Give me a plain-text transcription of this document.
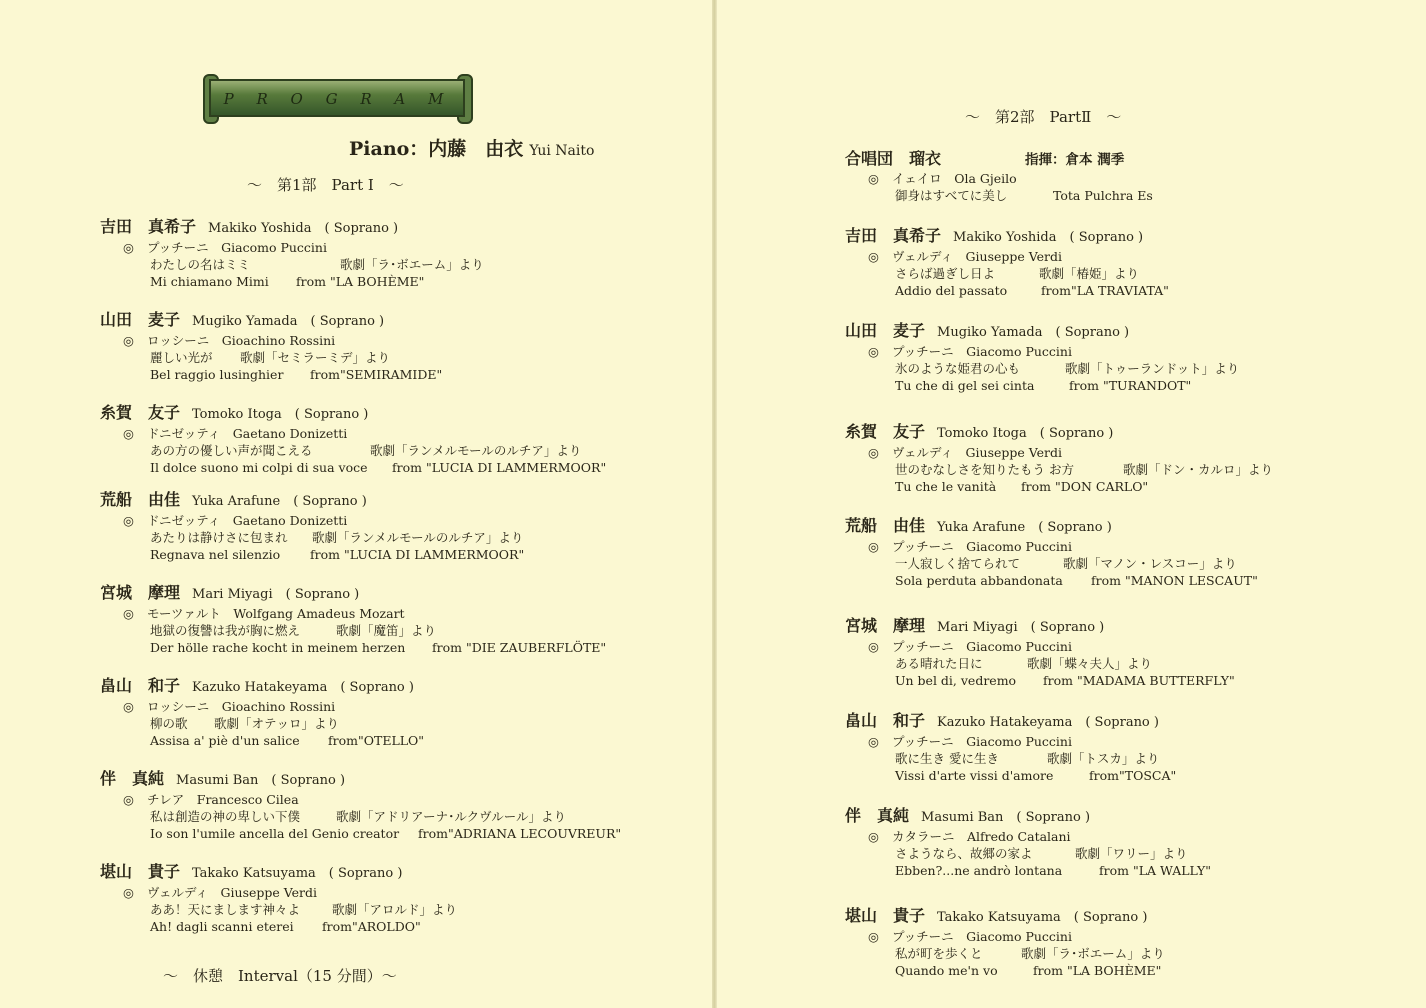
P R O G R A M
Piano：内藤　由衣 Yui Naito
〜　第1部　Part I　〜
〜　第2部　PartⅡ　〜
吉田　真希子 Makiko Yoshida　( Soprano )
◎ プッチーニ　 Giacomo Puccini
わたしの名はミミ	歌劇「ラ･ボエーム」より
Mi chiamano Mimi from "LA BOHÈME"
山田　麦子 Mugiko Yamada　( Soprano )
◎ ロッシーニ　 Gioachino Rossini
麗しい光が 歌劇「セミラーミデ」より
Bel raggio lusinghier from"SEMIRAMIDE"
糸賀　友子 Tomoko Itoga　( Soprano )
◎ ドニゼッティ　 Gaetano Donizetti
あの方の優しい声が聞こえる	歌劇「ランメルモールのルチア」より
Il dolce suono mi colpi di sua voce from "LUCIA DI LAMMERMOOR"
荒船　由佳 Yuka Arafune　( Soprano )
◎ ドニゼッティ　 Gaetano Donizetti
あたりは静けさに包まれ 歌劇「ランメルモールのルチア」より
Regnava nel silenzio from "LUCIA DI LAMMERMOOR"
宮城　摩理 Mari Miyagi　( Soprano )
◎ モーツァルト　 Wolfgang Amadeus Mozart
地獄の復讐は我が胸に燃え	歌劇「魔笛」より
Der hölle rache kocht in meinem herzen from "DIE ZAUBERFLÖTE"
畠山　和子 Kazuko Hatakeyama　( Soprano )
◎ ロッシーニ　 Gioachino Rossini
柳の歌 歌劇「オテッロ」より
Assisa a' piè d'un salice from"OTELLO"
伴　真純 Masumi Ban　( Soprano )
◎ チレア　 Francesco Cilea
私は創造の神の卑しい下僕	歌劇「アドリアーナ･ルクヴルール」より
Io son l'umile ancella del Genio creator from"ADRIANA LECOUVREUR"
堪山　貴子 Takako Katsuyama　( Soprano )
◎ ヴェルディ　 Giuseppe Verdi
ああ！天にまします神々よ	歌劇「アロルド」より
Ah! dagli scanni eterei from"AROLDO"
〜　休憩　Interval（15 分間）〜
合唱団　瑠衣	指揮：倉本 潤季
◎ イェイロ　 Ola Gjeilo
御身はすべてに美し	Tota Pulchra Es
吉田　真希子 Makiko Yoshida　( Soprano )
◎ ヴェルディ　 Giuseppe Verdi
さらば過ぎし日よ	歌劇「椿姫」より
Addio del passato	from"LA TRAVIATA"
山田　麦子 Mugiko Yamada　( Soprano )
◎ プッチーニ　 Giacomo Puccini
氷のような姫君の心も	歌劇「トゥーランドット」より
Tu che di gel sei cinta	from "TURANDOT"
糸賀　友子 Tomoko Itoga　( Soprano )
◎ ヴェルディ　 Giuseppe Verdi
世のむなしさを知りたもう お方	歌劇「ドン・カルロ」より
Tu che le vanità from "DON CARLO"
荒船　由佳 Yuka Arafune　( Soprano )
◎ プッチーニ　 Giacomo Puccini
一人寂しく捨てられて	歌劇「マノン・レスコー」より
Sola perduta abbandonata from "MANON LESCAUT"
宮城　摩理 Mari Miyagi　( Soprano )
◎ プッチーニ　 Giacomo Puccini
ある晴れた日に	歌劇「蝶々夫人」より
Un bel di, vedremo from "MADAMA BUTTERFLY"
畠山　和子 Kazuko Hatakeyama　( Soprano )
◎ プッチーニ　 Giacomo Puccini
歌に生き 愛に生き	歌劇「トスカ」より
Vissi d'arte vissi d'amore	from"TOSCA"
伴　真純 Masumi Ban　( Soprano )
◎ カタラーニ　 Alfredo Catalani
さようなら、故郷の家よ	歌劇「ワリー」より
Ebben?...ne andrò lontana	from "LA WALLY"
堪山　貴子 Takako Katsuyama　( Soprano )
◎ プッチーニ　 Giacomo Puccini
私が町を歩くと	歌劇「ラ･ボエーム」より
Quando me'n vo	from "LA BOHÈME"
